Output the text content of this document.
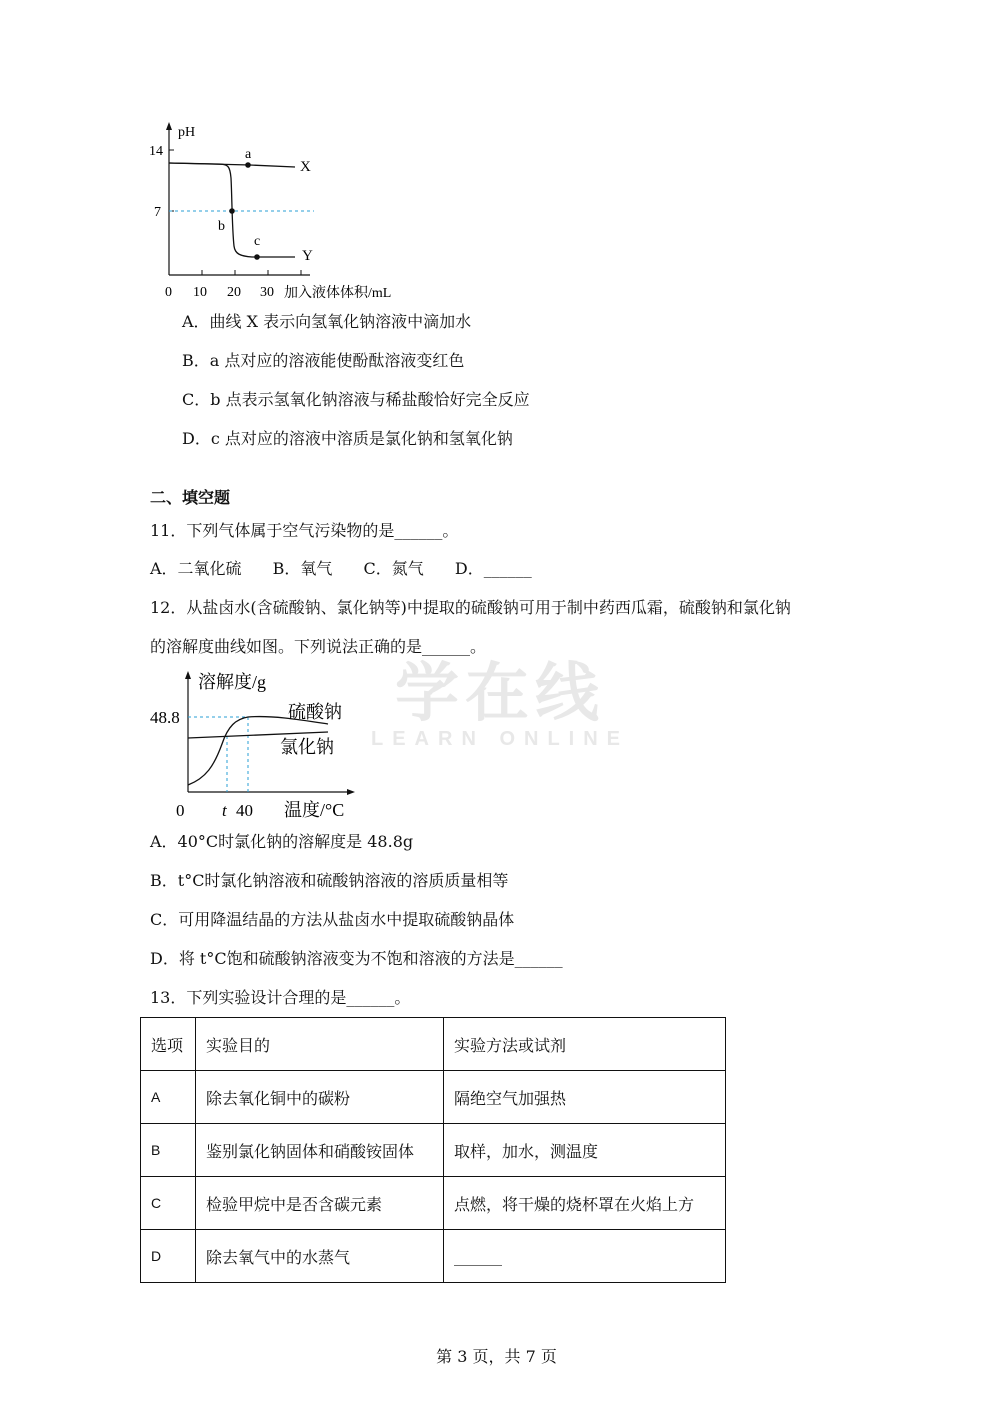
pH
14
7
a
b
c
X
Y
0 10 20 30 加入液体体积/mL
A．曲线 X 表示向氢氧化钠溶液中滴加水
B．a 点对应的溶液能使酚酞溶液变红色
C．b 点表示氢氧化钠溶液与稀盐酸恰好完全反应
D．c 点对应的溶液中溶质是氯化钠和氢氧化钠
二、填空题
11．下列气体属于空气污染物的是______。
A．二氧化硫 B．氧气 C．氮气 D．______
12．从盐卤水(含硫酸钠、氯化钠等)中提取的硫酸钠可用于制中药西瓜霜，硫酸钠和氯化钠
的溶解度曲线如图。下列说法正确的是______。
学在线
LEARN ONLINE
溶解度/g
48.8	硫酸钠
氯化钠
0 t 40 温度/°C
A．40°C时氯化钠的溶解度是 48.8g
B．t°C时氯化钠溶液和硫酸钠溶液的溶质质量相等
C．可用降温结晶的方法从盐卤水中提取硫酸钠晶体
D．将 t°C饱和硫酸钠溶液变为不饱和溶液的方法是______
13．下列实验设计合理的是______。
选项	实验目的	实验方法或试剂
A	除去氧化铜中的碳粉	隔绝空气加强热
B	鉴别氯化钠固体和硝酸铵固体	取样，加水，测温度
C	检验甲烷中是否含碳元素	点燃，将干燥的烧杯罩在火焰上方
D	除去氧气中的水蒸气	______
第 3 页，共 7 页
